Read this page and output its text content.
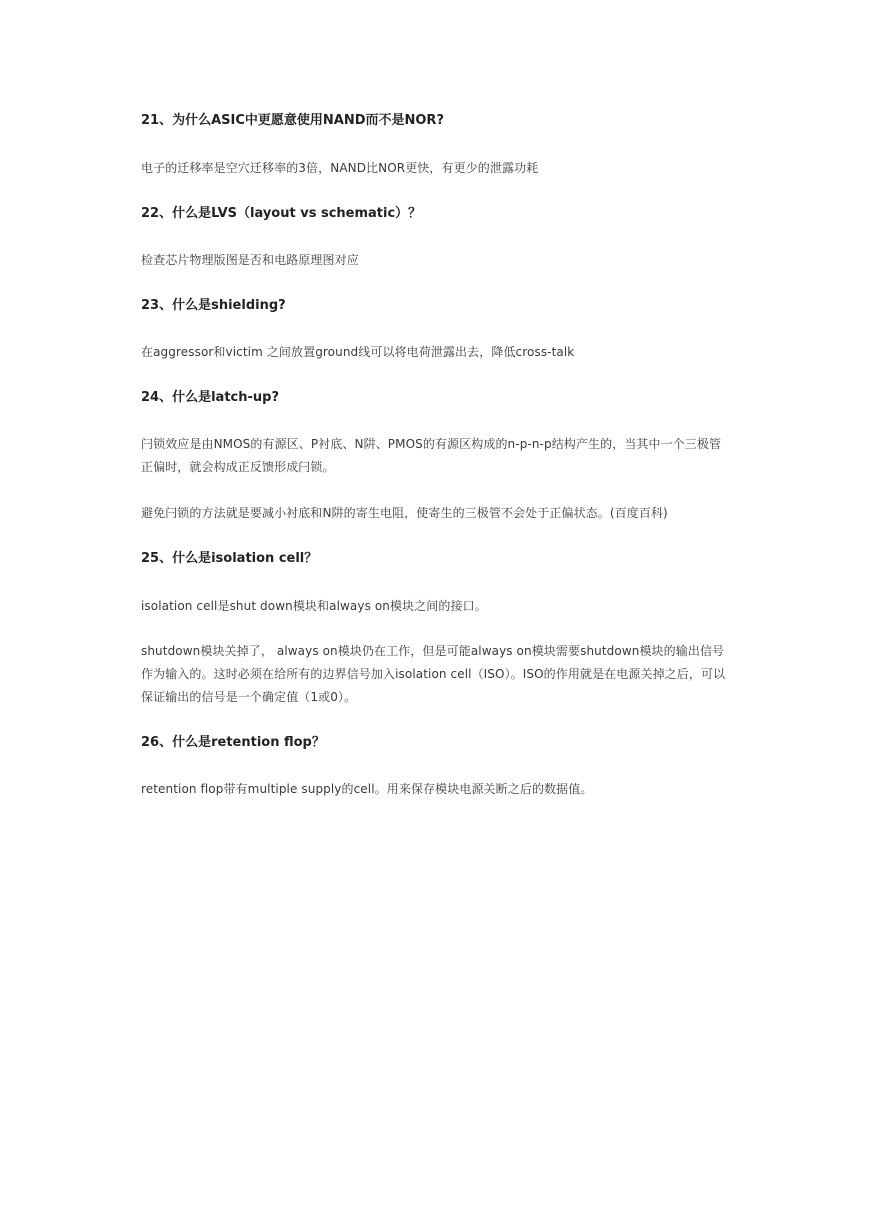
21、为什么ASIC中更愿意使用NAND而不是NOR?

电子的迁移率是空穴迁移率的3倍，NAND比NOR更快，有更少的泄露功耗

22、什么是LVS（layout vs schematic）？

检查芯片物理版图是否和电路原理图对应

23、什么是shielding?

在aggressor和victim 之间放置ground线可以将电荷泄露出去，降低cross-talk

24、什么是latch-up?

闩锁效应是由NMOS的有源区、P衬底、N阱、PMOS的有源区构成的n-p-n-p结构产生的，当其中一个三极管正偏时，就会构成正反馈形成闩锁。

避免闩锁的方法就是要减小衬底和N阱的寄生电阻，使寄生的三极管不会处于正偏状态。(百度百科)

25、什么是isolation cell？

isolation cell是shut down模块和always on模块之间的接口。

shutdown模块关掉了， always on模块仍在工作，但是可能always on模块需要shutdown模块的输出信号作为输入的。这时必须在给所有的边界信号加入isolation cell（ISO）。ISO的作用就是在电源关掉之后，可以保证输出的信号是一个确定值（1或0）。

26、什么是retention flop？

retention flop带有multiple supply的cell。用来保存模块电源关断之后的数据值。
